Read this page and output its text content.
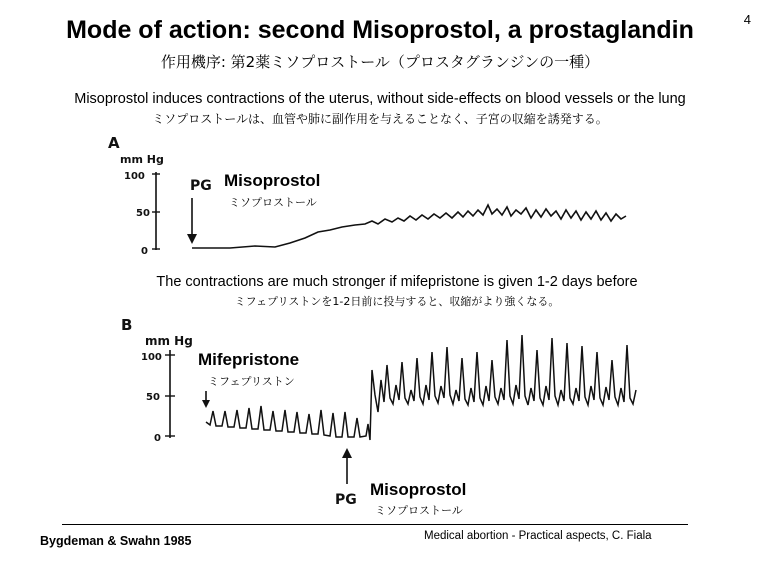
4
Mode of action: second Misoprostol, a prostaglandin
作用機序: 第2薬ミソプロストール（プロスタグランジンの一種）
Misoprostol induces contractions of the uterus, without side-effects on blood vessels or the lung
ミソプロストールは、血管や肺に副作用を与えることなく、子宮の収縮を誘発する。
A
mm Hg
100
50
0
PG
B
mm Hg
100
50
0
PG
Misoprostol
ミソプロストール
The contractions are much stronger if mifepristone is given 1-2 days before
ミフェプリストンを1-2日前に投与すると、収縮がより強くなる。
Mifepristone
ミフェプリストン
Misoprostol
ミソプロストール
Bygdeman & Swahn 1985	Medical abortion - Practical aspects, C. Fiala
